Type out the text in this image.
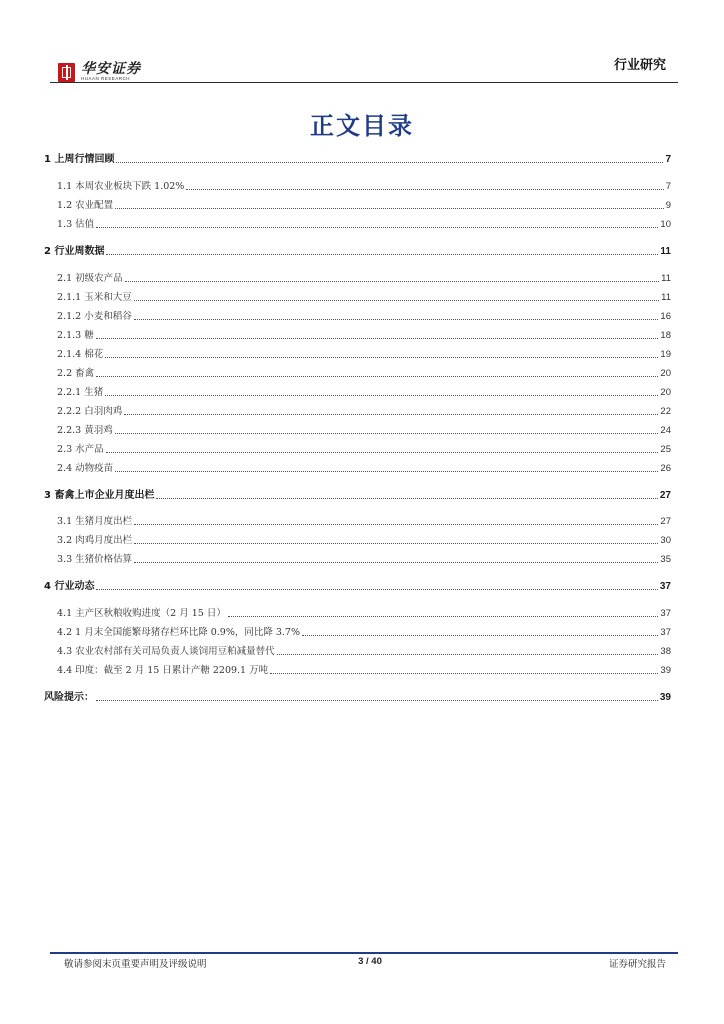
华安证券
HUAAN RESEARCH
行业研究
正文目录
1 上周行情回顾	7
1.1 本周农业板块下跌 1.02%	7
1.2 农业配置	9
1.3 估值	10
2 行业周数据	11
2.1 初级农产品	11
2.1.1 玉米和大豆	11
2.1.2 小麦和稻谷	16
2.1.3 糖	18
2.1.4 棉花	19
2.2 畜禽	20
2.2.1 生猪	20
2.2.2 白羽肉鸡	22
2.2.3 黄羽鸡	24
2.3 水产品	25
2.4 动物疫苗	26
3 畜禽上市企业月度出栏	27
3.1 生猪月度出栏	27
3.2 肉鸡月度出栏	30
3.3 生猪价格估算	35
4 行业动态	37
4.1 主产区秋粮收购进度（2 月 15 日）	37
4.2 1 月末全国能繁母猪存栏环比降 0.9%，同比降 3.7%	37
4.3 农业农村部有关司局负责人谈饲用豆粕减量替代	38
4.4 印度：截至 2 月 15 日累计产糖 2209.1 万吨	39
风险提示：	39
敬请参阅末页重要声明及评级说明	3 / 40	证券研究报告
